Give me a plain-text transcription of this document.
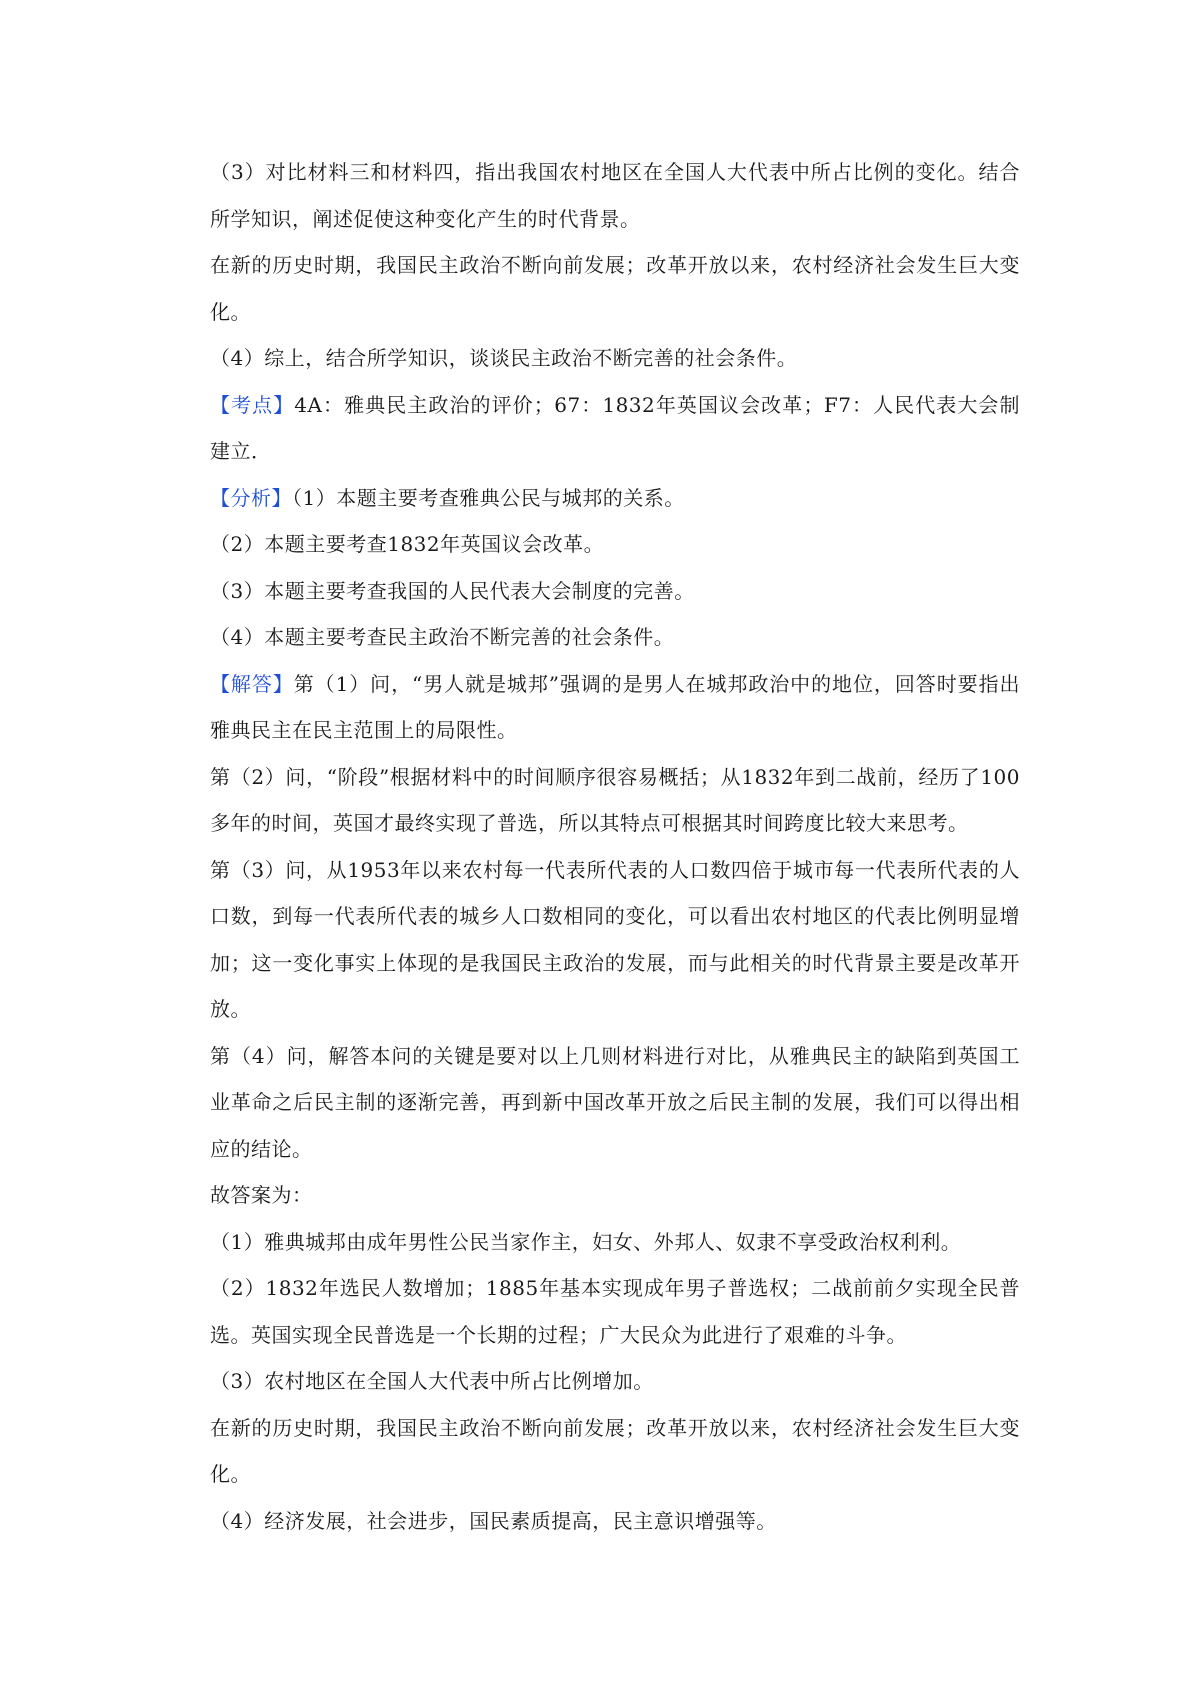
（3）对比材料三和材料四，指出我国农村地区在全国人大代表中所占比例的变化。结合所学知识，阐述促使这种变化产生的时代背景。

在新的历史时期，我国民主政治不断向前发展；改革开放以来，农村经济社会发生巨大变化。

（4）综上，结合所学知识，谈谈民主政治不断完善的社会条件。

【考点】4A：雅典民主政治的评价；67：1832年英国议会改革；F7：人民代表大会制建立．

【分析】（1）本题主要考查雅典公民与城邦的关系。

（2）本题主要考查1832年英国议会改革。

（3）本题主要考查我国的人民代表大会制度的完善。

（4）本题主要考查民主政治不断完善的社会条件。

【解答】第（1）问，“男人就是城邦”强调的是男人在城邦政治中的地位，回答时要指出雅典民主在民主范围上的局限性。

第（2）问，“阶段”根据材料中的时间顺序很容易概括；从1832年到二战前，经历了100多年的时间，英国才最终实现了普选，所以其特点可根据其时间跨度比较大来思考。

第（3）问，从1953年以来农村每一代表所代表的人口数四倍于城市每一代表所代表的人口数，到每一代表所代表的城乡人口数相同的变化，可以看出农村地区的代表比例明显增加；这一变化事实上体现的是我国民主政治的发展，而与此相关的时代背景主要是改革开放。

第（4）问，解答本问的关键是要对以上几则材料进行对比，从雅典民主的缺陷到英国工业革命之后民主制的逐渐完善，再到新中国改革开放之后民主制的发展，我们可以得出相应的结论。

故答案为：

（1）雅典城邦由成年男性公民当家作主，妇女、外邦人、奴隶不享受政治权利利。

（2）1832年选民人数增加；1885年基本实现成年男子普选权；二战前前夕实现全民普选。英国实现全民普选是一个长期的过程；广大民众为此进行了艰难的斗争。

（3）农村地区在全国人大代表中所占比例增加。

在新的历史时期，我国民主政治不断向前发展；改革开放以来，农村经济社会发生巨大变化。

（4）经济发展，社会进步，国民素质提高，民主意识增强等。
